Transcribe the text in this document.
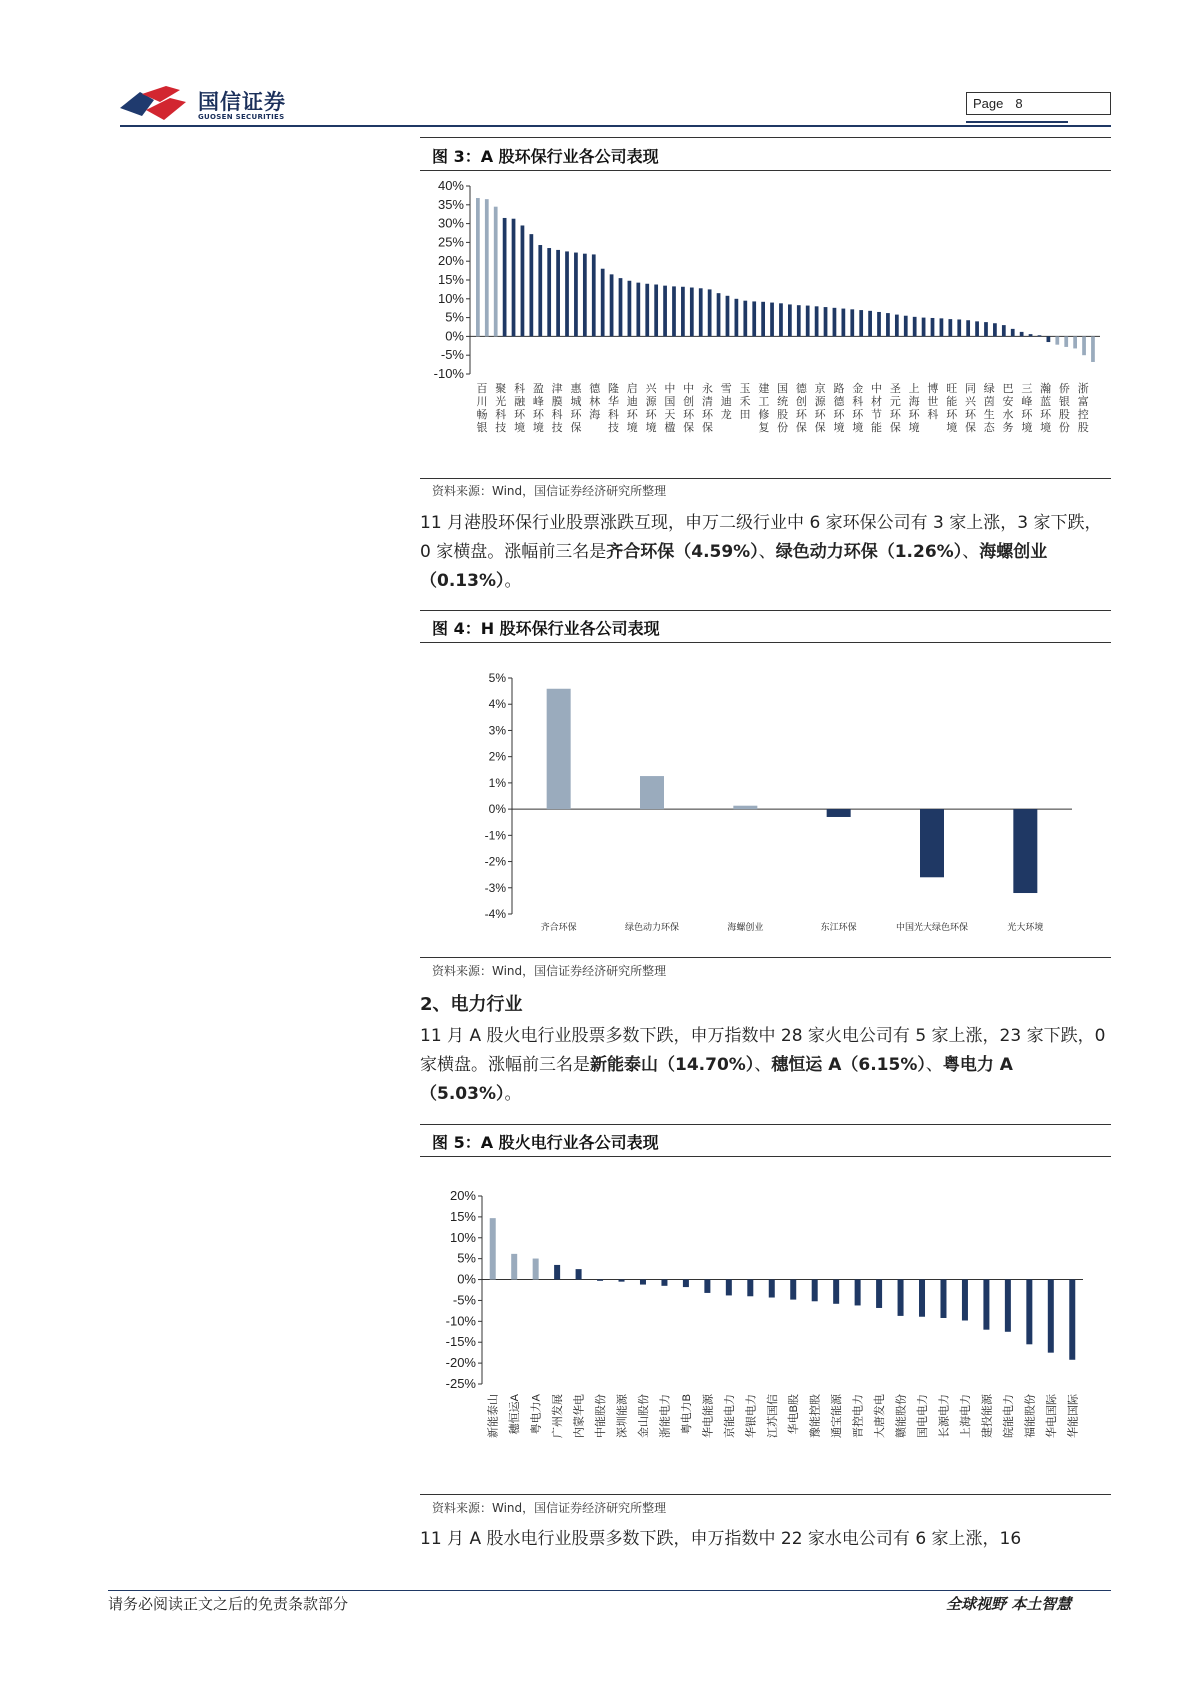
国信证券
GUOSEN SECURITIES
Page 8
图 3：A 股环保行业各公司表现
40%
35%
30%
25%
20%
15%
10%
5%
0%
-5%
-10%
百川畅银
聚光科技
科融环境
盈峰环境
津膜科技
惠城环保
德林海
隆华科技
启迪环境
兴源环境
中国天楹
中创环保
永清环保
雪迪龙
玉禾田
建工修复
国统股份
德创环保
京源环保
路德环境
金科环境
中材节能
圣元环保
上海环境
博世科
旺能环境
同兴环保
绿茵生态
巴安水务
三峰环境
瀚蓝环境
侨银股份
浙富控股
资料来源：Wind，国信证券经济研究所整理
11 月港股环保行业股票涨跌互现，申万二级行业中 6 家环保公司有 3 家上涨，3 家下跌，0 家横盘。涨幅前三名是齐合环保（4.59%）、绿色动力环保（1.26%）、海螺创业（0.13%）。
图 4：H 股环保行业各公司表现
5%
4%
3%
2%
1%
0%
-1%
-2%
-3%
-4%
齐合环保	绿色动力环保	海螺创业	东江环保	中国光大绿色环保	光大环境
资料来源：Wind，国信证券经济研究所整理
2、电力行业
11 月 A 股火电行业股票多数下跌，申万指数中 28 家火电公司有 5 家上涨，23 家下跌，0 家横盘。涨幅前三名是新能泰山（14.70%）、穗恒运 A（6.15%）、粤电力 A（5.03%）。
图 5：A 股火电行业各公司表现
20%
15%
10%
5%
0%
-5%
-10%
-15%
-20%
-25%
新能泰山 穗恒运A 粤电力A 广州发展 内蒙华电 中能股份 深圳能源 金山股份 浙能电力 粤电力B 华电能源 京能电力 华银电力 江苏国信 华电B股 豫能控股 通宝能源 晋控电力 大唐发电 赣能股份 国电电力 长源电力 上海电力 建投能源 皖能电力 福能股份 华电国际 华能国际
资料来源：Wind，国信证券经济研究所整理
11 月 A 股水电行业股票多数下跌，申万指数中 22 家水电公司有 6 家上涨，16
请务必阅读正文之后的免责条款部分	全球视野 本土智慧
